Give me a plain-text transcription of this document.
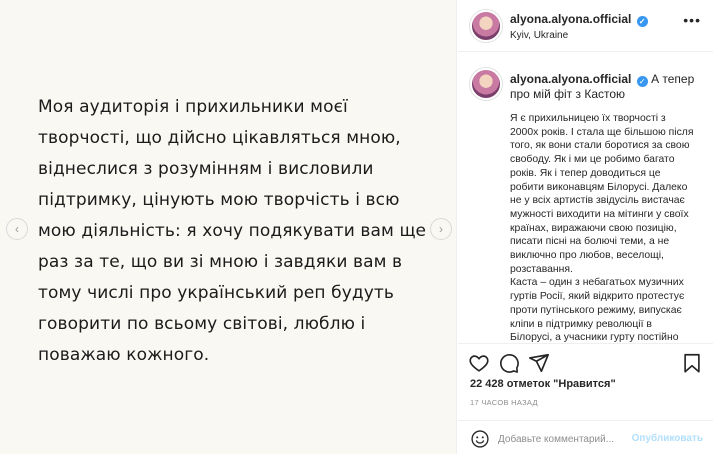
Моя аудиторія і прихильники моєї творчості, що дійсно цікавляться мною, віднеслися з розумінням і висловили підтримку, цінують мою творчість і всю мою діяльність: я хочу подякувати вам ще раз за те, що ви зі мною і завдяки вам в тому числі про український реп будуть говорити по всьому світові, люблю і поважаю кожного.
‹	›
alyona.alyona.official ✓
Kyiv, Ukraine
•••
alyona.alyona.official ✓ А тепер про мій фіт з Кастою
Я є прихильницею їх творчості з 2000х років. І стала ще більшою після того, як вони стали боротися за свою свободу. Як і ми це робимо багато років. Як і тепер доводиться це робити виконавцям Білорусі. Далеко не у всіх артистів звідусіль вистачає мужності виходити на мітинги у своїх країнах, виражаючи свою позицію, писати пісні на болючі теми, а не виключно про любов, веселощі, розставання.
Каста – один з небагатьох музичних гуртів Росії, який відкрито протестує проти путінського режиму, випускає кліпи в підтримку революції в Білорусі, а учасники гурту постійно
22 428 отметок "Нравится"
17 ЧАСОВ НАЗАД
Добавьте комментарий...
Опубликовать
